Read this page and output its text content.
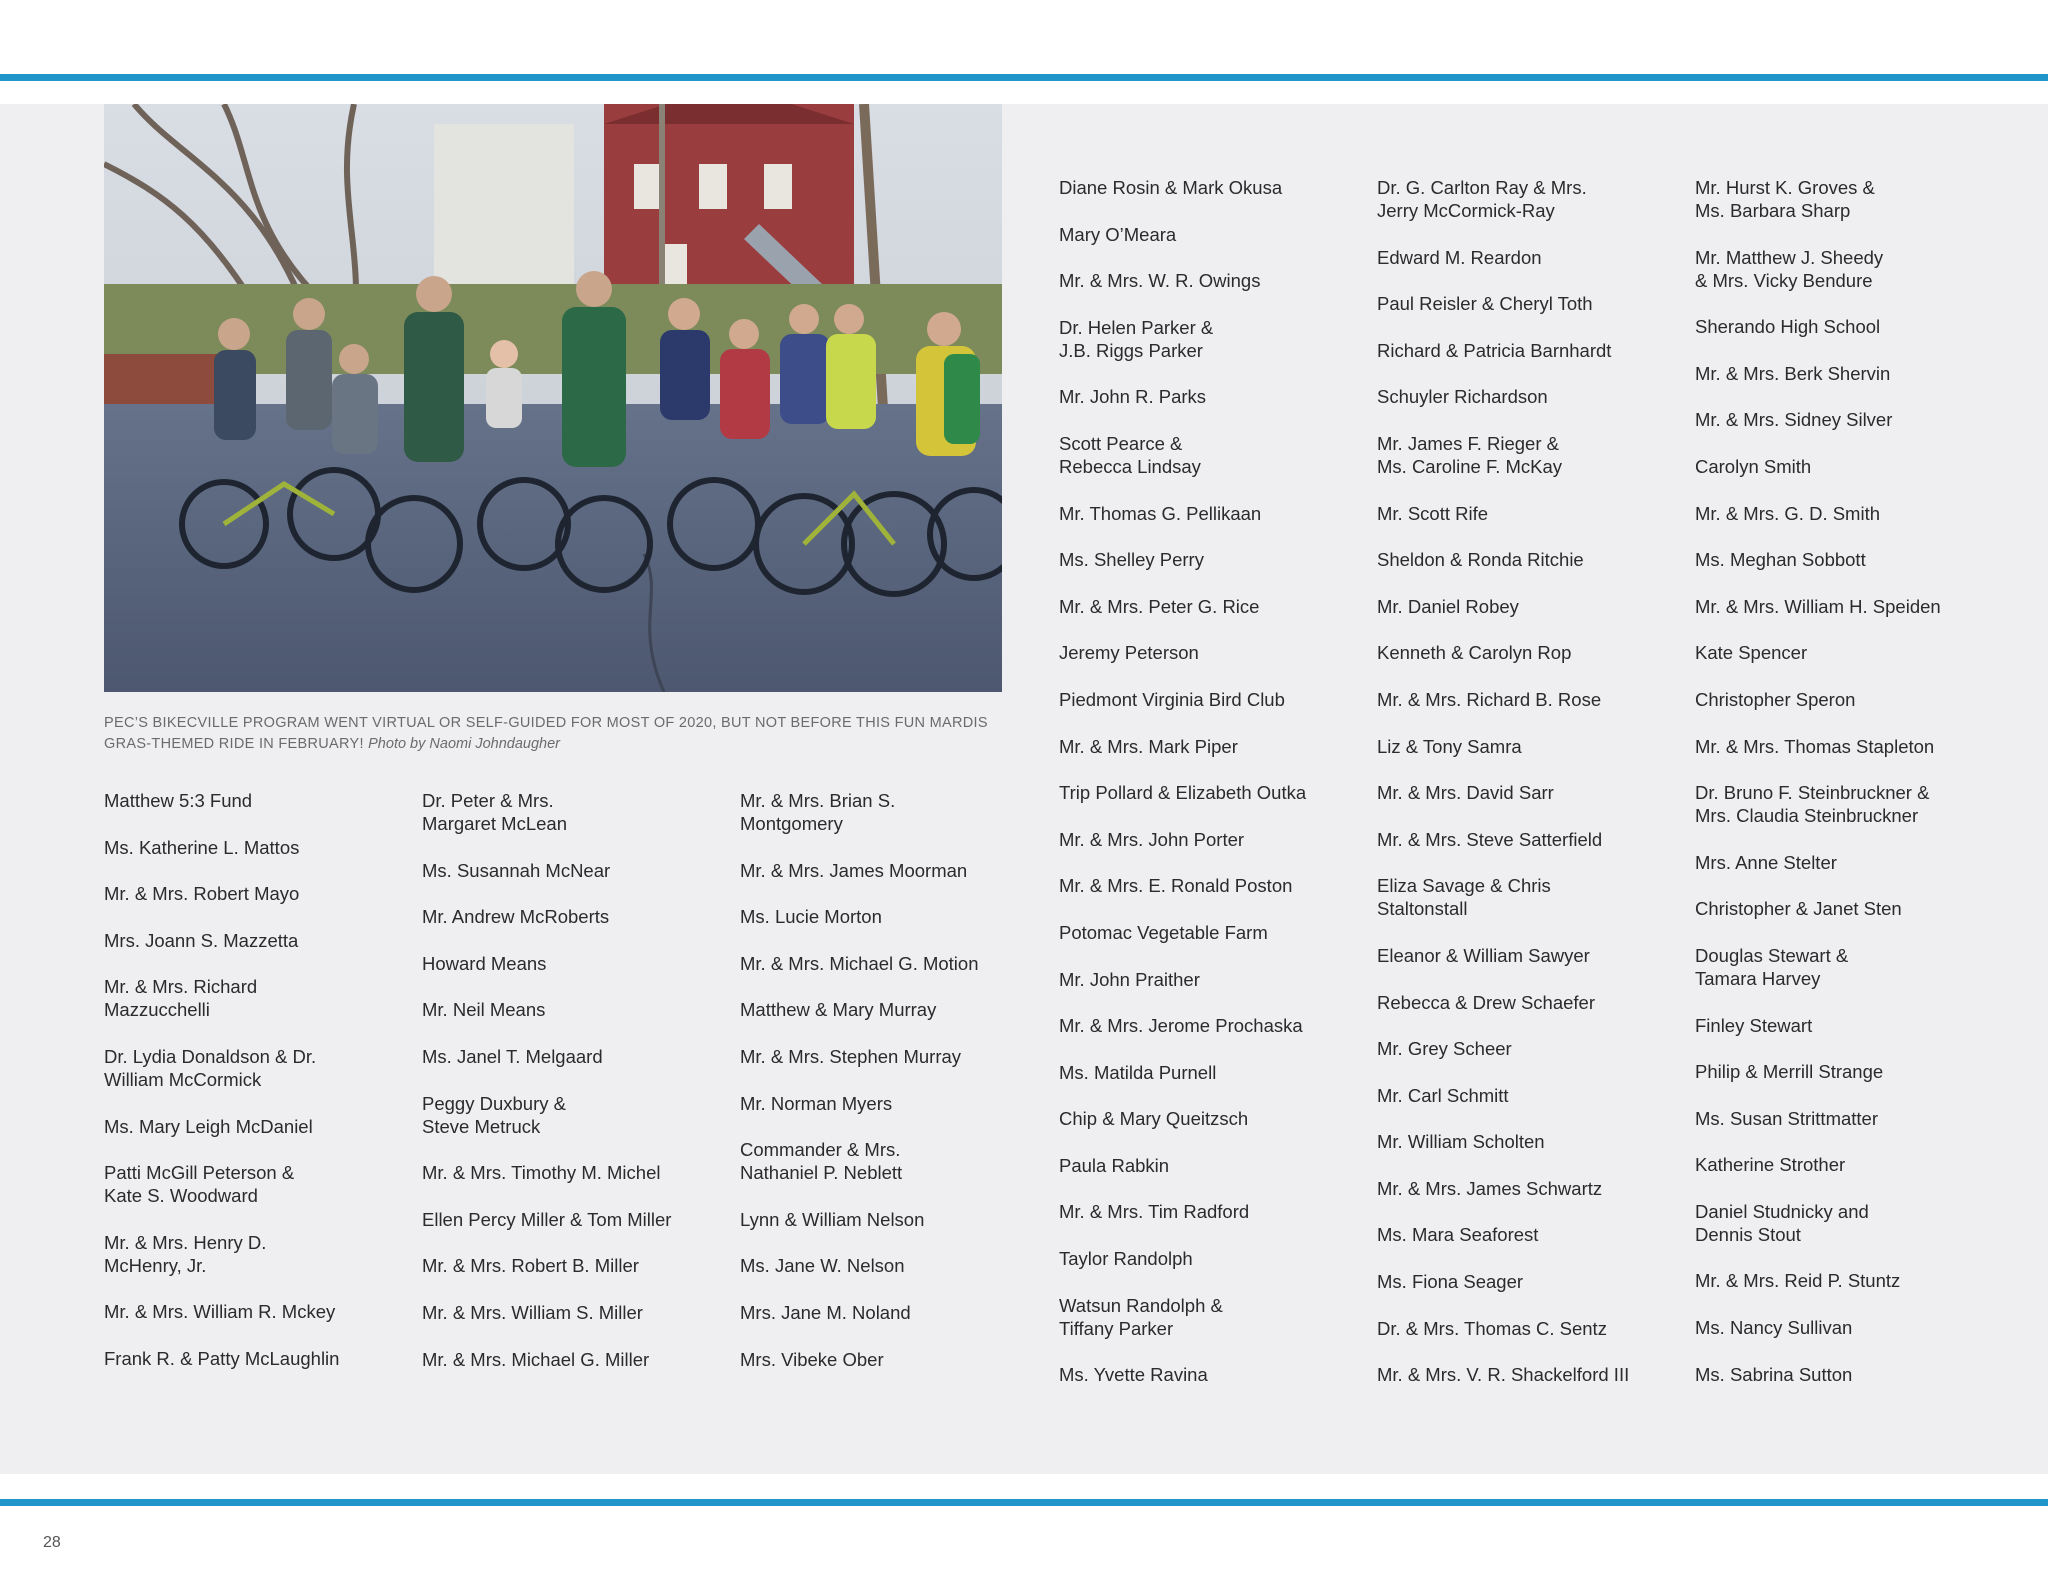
PEC’S BIKECVILLE PROGRAM WENT VIRTUAL OR SELF-GUIDED FOR MOST OF 2020, BUT NOT BEFORE THIS FUN MARDIS GRAS-THEMED RIDE IN FEBRUARY! Photo by Naomi Johndaugher
Matthew 5:3 Fund
Ms. Katherine L. Mattos
Mr. & Mrs. Robert Mayo
Mrs. Joann S. Mazzetta
Mr. & Mrs. Richard
Mazzucchelli
Dr. Lydia Donaldson & Dr.
William McCormick
Ms. Mary Leigh McDaniel
Patti McGill Peterson &
Kate S. Woodward
Mr. & Mrs. Henry D.
McHenry, Jr.
Mr. & Mrs. William R. Mckey
Frank R. & Patty McLaughlin
Dr. Peter & Mrs.
Margaret McLean
Ms. Susannah McNear
Mr. Andrew McRoberts
Howard Means
Mr. Neil Means
Ms. Janel T. Melgaard
Peggy Duxbury &
Steve Metruck
Mr. & Mrs. Timothy M. Michel
Ellen Percy Miller & Tom Miller
Mr. & Mrs. Robert B. Miller
Mr. & Mrs. William S. Miller
Mr. & Mrs. Michael G. Miller
Mr. & Mrs. Brian S.
Montgomery
Mr. & Mrs. James Moorman
Ms. Lucie Morton
Mr. & Mrs. Michael G. Motion
Matthew & Mary Murray
Mr. & Mrs. Stephen Murray
Mr. Norman Myers
Commander & Mrs.
Nathaniel P. Neblett
Lynn & William Nelson
Ms. Jane W. Nelson
Mrs. Jane M. Noland
Mrs. Vibeke Ober
Diane Rosin & Mark Okusa
Mary O’Meara
Mr. & Mrs. W. R. Owings
Dr. Helen Parker &
J.B. Riggs Parker
Mr. John R. Parks
Scott Pearce &
Rebecca Lindsay
Mr. Thomas G. Pellikaan
Ms. Shelley Perry
Mr. & Mrs. Peter G. Rice
Jeremy Peterson
Piedmont Virginia Bird Club
Mr. & Mrs. Mark Piper
Trip Pollard & Elizabeth Outka
Mr. & Mrs. John Porter
Mr. & Mrs. E. Ronald Poston
Potomac Vegetable Farm
Mr. John Praither
Mr. & Mrs. Jerome Prochaska
Ms. Matilda Purnell
Chip & Mary Queitzsch
Paula Rabkin
Mr. & Mrs. Tim Radford
Taylor Randolph
Watsun Randolph &
Tiffany Parker
Ms. Yvette Ravina
Dr. G. Carlton Ray & Mrs.
Jerry McCormick-Ray
Edward M. Reardon
Paul Reisler & Cheryl Toth
Richard & Patricia Barnhardt
Schuyler Richardson
Mr. James F. Rieger &
Ms. Caroline F. McKay
Mr. Scott Rife
Sheldon & Ronda Ritchie
Mr. Daniel Robey
Kenneth & Carolyn Rop
Mr. & Mrs. Richard B. Rose
Liz & Tony Samra
Mr. & Mrs. David Sarr
Mr. & Mrs. Steve Satterfield
Eliza Savage & Chris
Staltonstall
Eleanor & William Sawyer
Rebecca & Drew Schaefer
Mr. Grey Scheer
Mr. Carl Schmitt
Mr. William Scholten
Mr. & Mrs. James Schwartz
Ms. Mara Seaforest
Ms. Fiona Seager
Dr. & Mrs. Thomas C. Sentz
Mr. & Mrs. V. R. Shackelford III
Mr. Hurst K. Groves &
Ms. Barbara Sharp
Mr. Matthew J. Sheedy
& Mrs. Vicky Bendure
Sherando High School
Mr. & Mrs. Berk Shervin
Mr. & Mrs. Sidney Silver
Carolyn Smith
Mr. & Mrs. G. D. Smith
Ms. Meghan Sobbott
Mr. & Mrs. William H. Speiden
Kate Spencer
Christopher Speron
Mr. & Mrs. Thomas Stapleton
Dr. Bruno F. Steinbruckner &
Mrs. Claudia Steinbruckner
Mrs. Anne Stelter
Christopher & Janet Sten
Douglas Stewart &
Tamara Harvey
Finley Stewart
Philip & Merrill Strange
Ms. Susan Strittmatter
Katherine Strother
Daniel Studnicky and
Dennis Stout
Mr. & Mrs. Reid P. Stuntz
Ms. Nancy Sullivan
Ms. Sabrina Sutton
28
